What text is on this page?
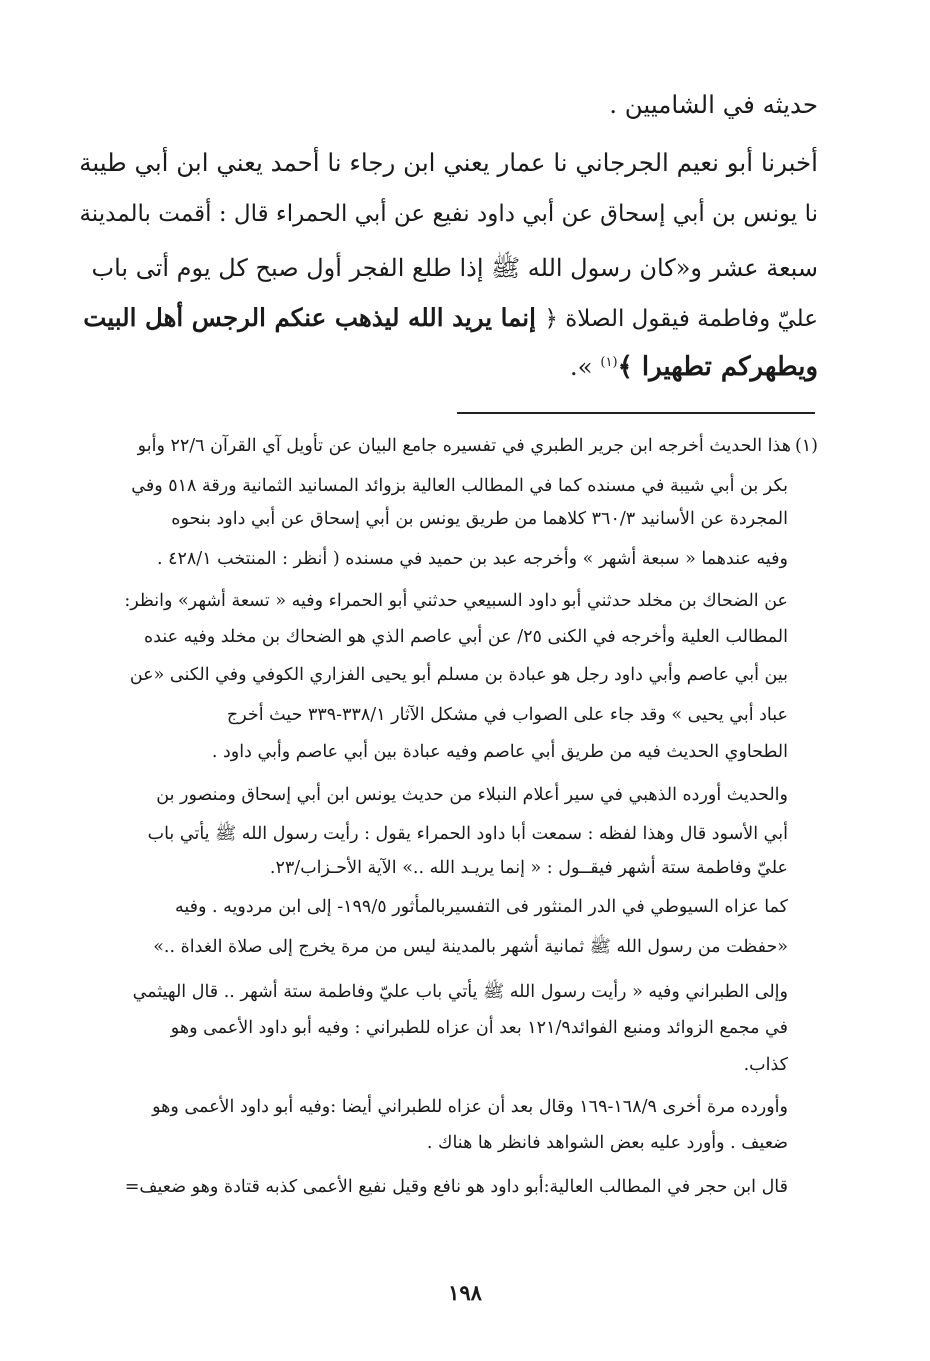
حديثه في الشاميين .
أخبرنا أبو نعيم الجرجاني نا عمار يعني ابن رجاء نا أحمد يعني ابن أبي طيبة
نا يونس بن أبي إسحاق عن أبي داود نفيع عن أبي الحمراء قال : أقمت بالمدينة
سبعة عشر و«كان رسول الله ﷺ إذا طلع الفجر أول صبح كل يوم أتى باب
عليّ وفاطمة فيقول الصلاة ﴿ إنما يريد الله ليذهب عنكم الرجس أهل البيت
ويطهركم تطهيرا ﴾$^{(١)}$ ».
(١)هذا الحديث أخرجه ابن جرير الطبري في تفسيره جامع البيان عن تأويل آي القرآن ٢٢/٦ وأبو
بكر بن أبي شيبة في مسنده كما في المطالب العالية بزوائد المسانيد الثمانية ورقة ٥١٨ وفي
المجردة عن الأسانيد ٣٦٠/٣ كلاهما من طريق يونس بن أبي إسحاق عن أبي داود بنحوه
وفيه عندهما « سبعة أشهر » وأخرجه عبد بن حميد في مسنده ( أنظر : المنتخب ٤٢٨/١ .
عن الضحاك بن مخلد حدثني أبو داود السبيعي حدثني أبو الحمراء وفيه « تسعة أشهر» وانظر:
المطالب العلية وأخرجه في الكنى ٢٥/ عن أبي عاصم الذي هو الضحاك بن مخلد وفيه عنده
بين أبي عاصم وأبي داود رجل هو عبادة بن مسلم أبو يحيى الفزاري الكوفي وفي الكنى «عن
عباد أبي يحيى » وقد جاء على الصواب في مشكل الآثار ٣٣٨/١-٣٣٩ حيث أخرج
الطحاوي الحديث فيه من طريق أبي عاصم وفيه عبادة بين أبي عاصم وأبي داود .
والحديث أورده الذهبي في سير أعلام النبلاء من حديث يونس ابن أبي إسحاق ومنصور بن
أبي الأسود قال وهذا لفظه : سمعت أبا داود الحمراء يقول : رأيت رسول الله ﷺ يأتي باب
عليّ وفاطمة ستة أشهر فيقــول : « إنما يريـد الله ..» الآية الأحـزاب/٢٣.
كما عزاه السيوطي في الدر المنثور فى التفسيربالمأثور ١٩٩/٥- إلى ابن مردويه . وفيه
«حفظت من رسول الله ﷺ ثمانية أشهر بالمدينة ليس من مرة يخرج إلى صلاة الغداة ..»
وإلى الطبراني وفيه « رأيت رسول الله ﷺ يأتي باب عليّ وفاطمة ستة أشهر .. قال الهيثمي
في مجمع الزوائد ومنبع الفوائد١٢١/٩ بعد أن عزاه للطبراني : وفيه أبو داود الأعمى وهو
كذاب.
وأورده مرة أخرى ١٦٨/٩-١٦٩ وقال بعد أن عزاه للطبراني أيضا :وفيه أبو داود الأعمى وهو
ضعيف . وأورد عليه بعض الشواهد فانظر ها هناك .
قال ابن حجر في المطالب العالية:أبو داود هو نافع وقيل نفيع الأعمى كذبه قتادة وهو ضعيف=
١٩٨
